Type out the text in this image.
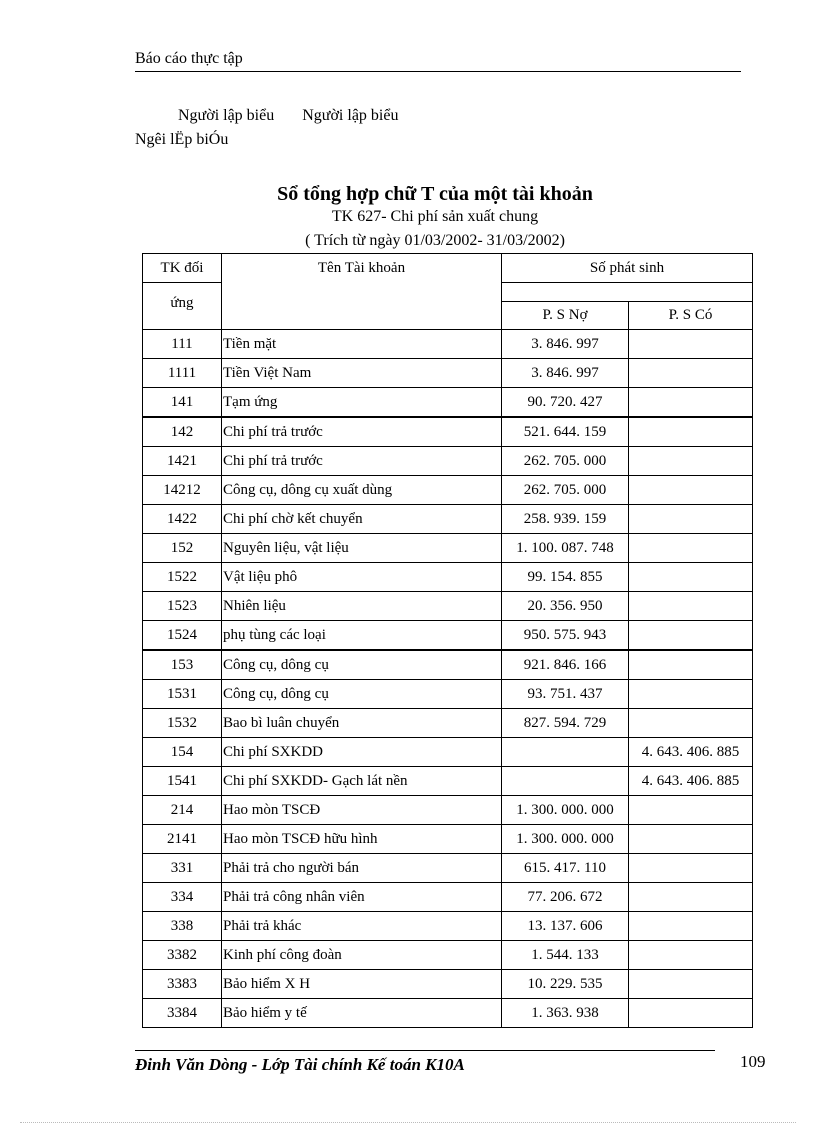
Báo cáo thực tập
Người lập biểu Người lập biểu
Ngêi lËp biÓu
Sổ tổng hợp chữ T của một tài khoản
TK 627- Chi phí sản xuất chung
( Trích từ ngày 01/03/2002- 31/03/2002)
TK đối	Tên Tài khoản	Số phát sinh	
ứng			
		P. S Nợ	P. S Có
111	Tiền mặt	3. 846. 997	
1111	Tiền Việt Nam	3. 846. 997	
141	Tạm ứng	90. 720. 427	
142	Chi phí trả trước	521. 644. 159	
1421	Chi phí trả trước	262. 705. 000	
14212	Công cụ, dông cụ xuất dùng	262. 705. 000	
1422	Chi phí chờ kết chuyển	258. 939. 159	
152	Nguyên liệu, vật liệu	1. 100. 087. 748	
1522	Vật liệu phô	99. 154. 855	
1523	Nhiên liệu	20. 356. 950	
1524	phụ tùng các loại	950. 575. 943	
153	Công cụ, dông cụ	921. 846. 166	
1531	Công cụ, dông cụ	93. 751. 437	
1532	Bao bì luân chuyển	827. 594. 729	
154	Chi phí SXKDD		4. 643. 406. 885
1541	Chi phí SXKDD- Gạch lát nền		4. 643. 406. 885
214	Hao mòn TSCĐ	1. 300. 000. 000	
2141	Hao mòn TSCĐ hữu hình	1. 300. 000. 000	
331	Phải trả cho người bán	615. 417. 110	
334	Phải trả công nhân viên	77. 206. 672	
338	Phải trả khác	13. 137. 606	
3382	Kinh phí công đoàn	1. 544. 133	
3383	Bảo hiểm X H	10. 229. 535	
3384	Bảo hiểm y tế	1. 363. 938	
Đinh Văn Dòng - Lớp Tài chính Kế toán K10A	109
